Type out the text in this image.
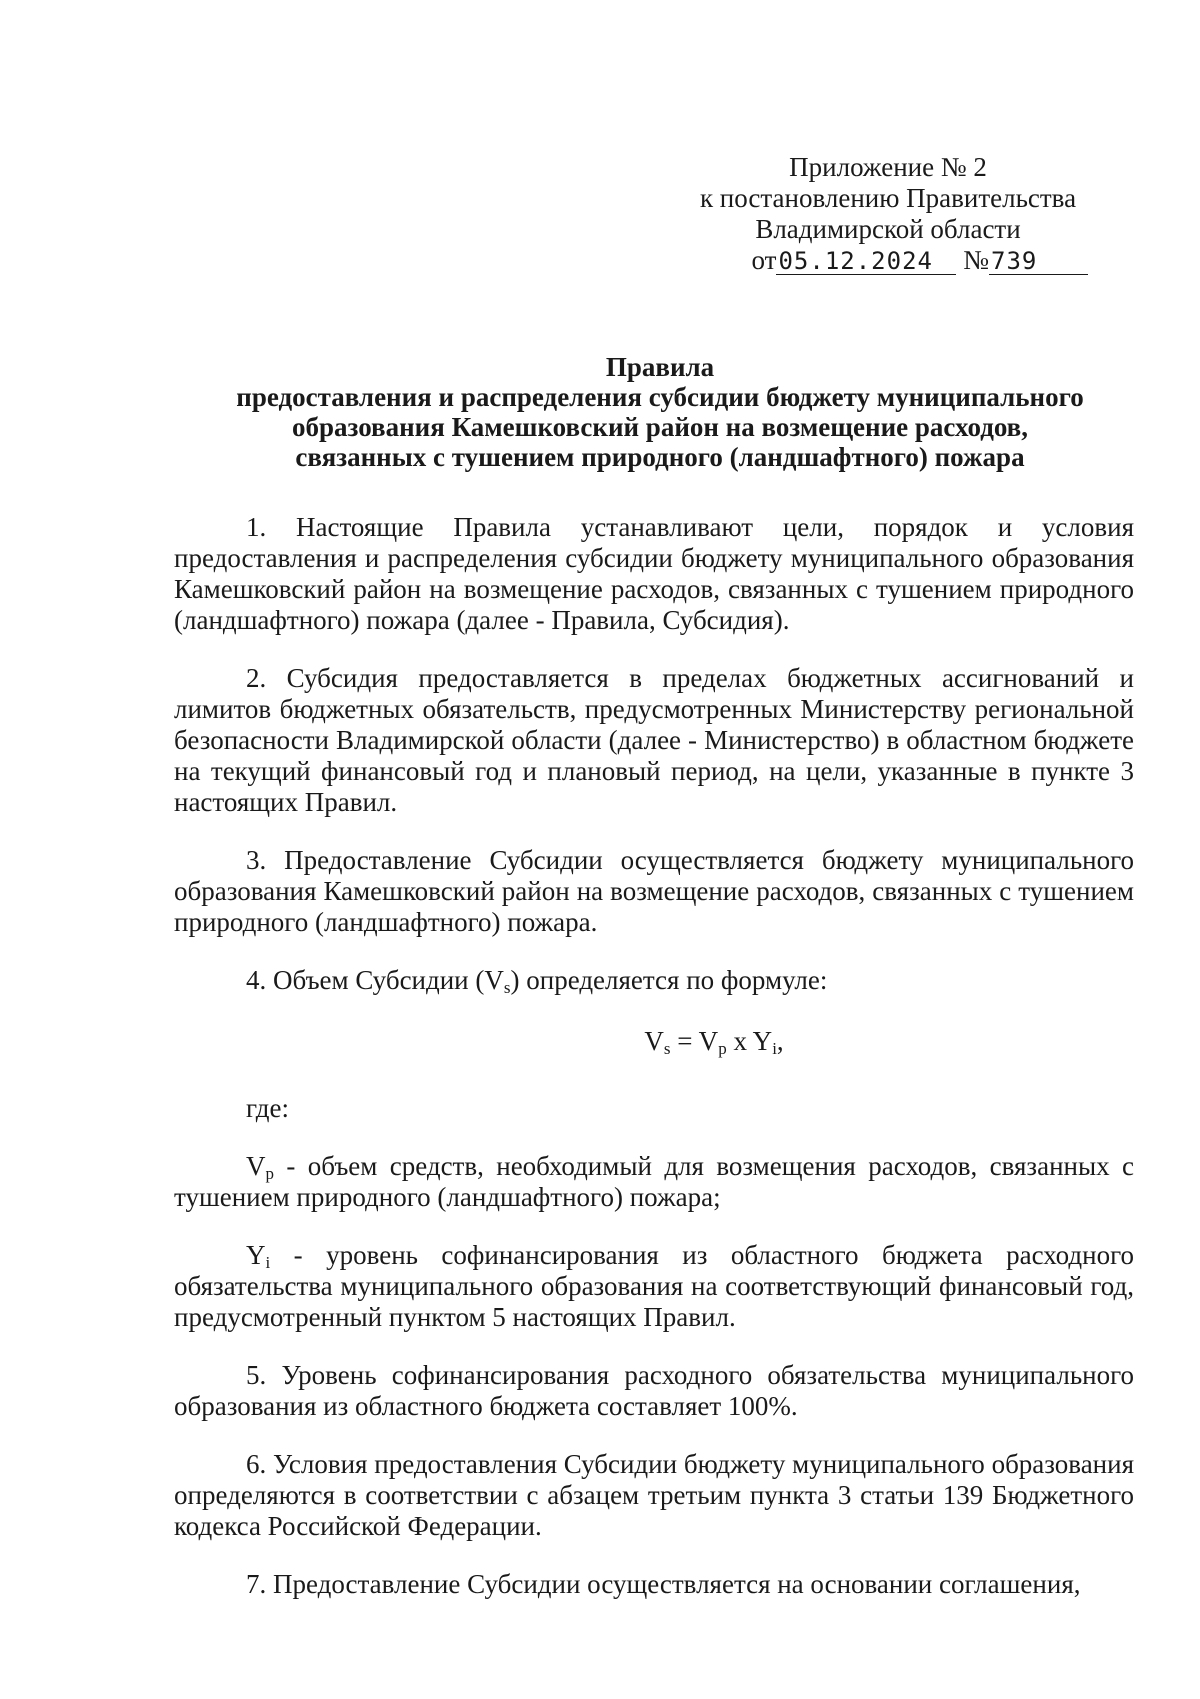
Приложение № 2
к постановлению Правительства
Владимирской области
от05.12.2024 №739
Правила
предоставления и распределения субсидии бюджету муниципального
образования Камешковский район на возмещение расходов,
связанных с тушением природного (ландшафтного) пожара

1. Настоящие Правила устанавливают цели, порядок и условия предоставления и распределения субсидии бюджету муниципального образования Камешковский район на возмещение расходов, связанных с тушением природного (ландшафтного) пожара (далее - Правила, Субсидия).

2. Субсидия предоставляется в пределах бюджетных ассигнований и лимитов бюджетных обязательств, предусмотренных Министерству региональной безопасности Владимирской области (далее - Министерство) в областном бюджете на текущий финансовый год и плановый период, на цели, указанные в пункте 3 настоящих Правил.

3. Предоставление Субсидии осуществляется бюджету муниципального образования Камешковский район на возмещение расходов, связанных с тушением природного (ландшафтного) пожара.

4. Объем Субсидии $(V_s)$ определяется по формуле:

$V_s = V_p$ x $Y_i$,

где:

$V_p$ - объем средств, необходимый для возмещения расходов, связанных с тушением природного (ландшафтного) пожара;

$Y_i$ - уровень софинансирования из областного бюджета расходного обязательства муниципального образования на соответствующий финансовый год, предусмотренный пунктом 5 настоящих Правил.

5. Уровень софинансирования расходного обязательства муниципального образования из областного бюджета составляет 100%.

6. Условия предоставления Субсидии бюджету муниципального образования определяются в соответствии с абзацем третьим пункта 3 статьи 139 Бюджетного кодекса Российской Федерации.

7. Предоставление Субсидии осуществляется на основании соглашения,
